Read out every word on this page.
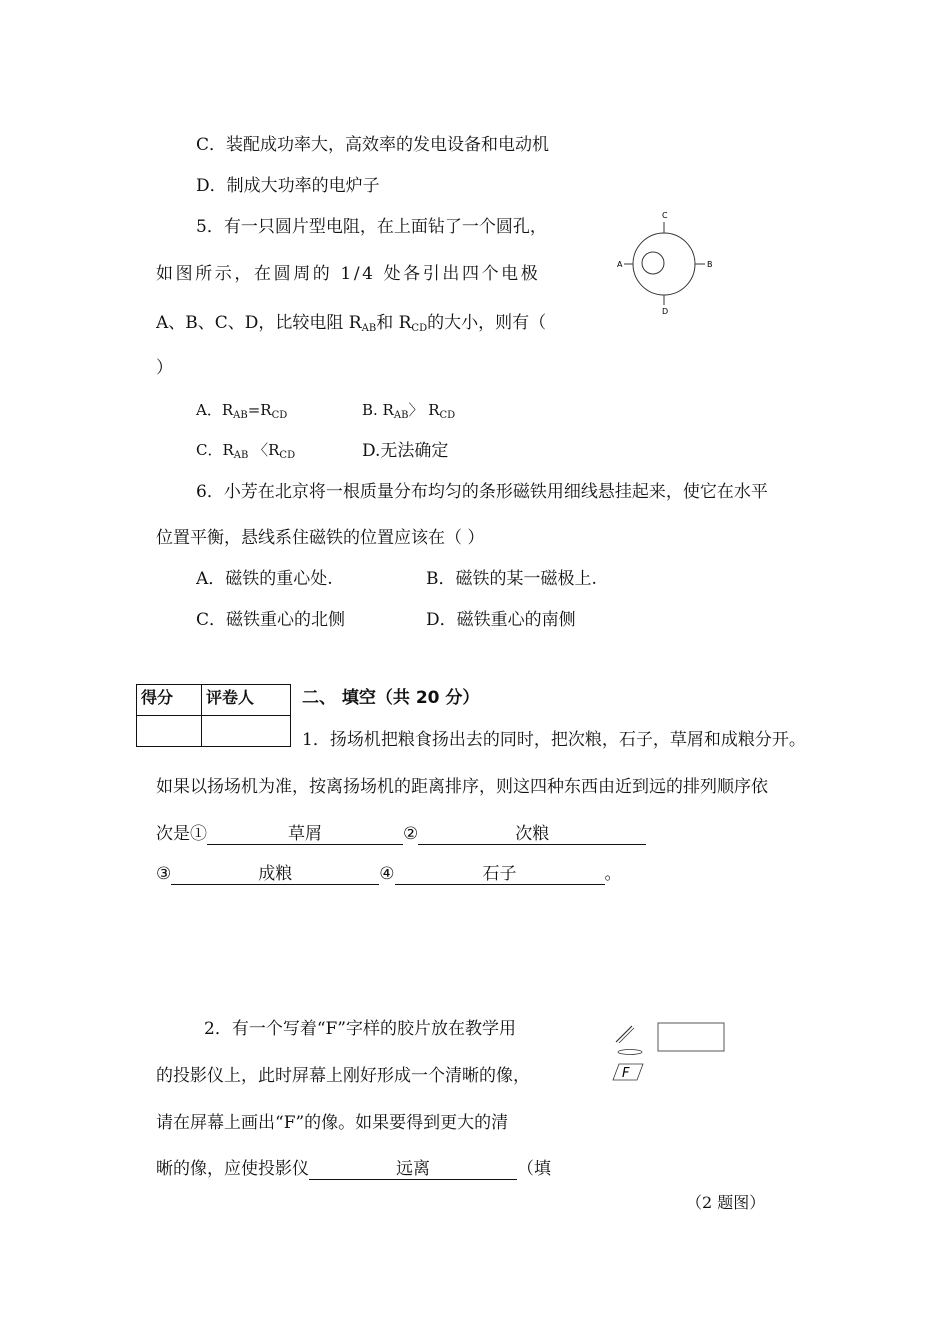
C．装配成功率大，高效率的发电设备和电动机
D．制成大功率的电炉子
5．有一只圆片型电阻，在上面钻了一个圆孔，
如图所示，在圆周的 1/4 处各引出四个电极
A、B、C、D，比较电阻 $R_{AB}$和 $R_{CD}$的大小，则有（
）
A．$R_{AB}=R_{CD}$	B. $R_{AB}$〉 $R_{CD}$
C．$R_{AB}$ 〈$R_{CD}$	D.无法确定
C
D
A	B
6．小芳在北京将一根质量分布均匀的条形磁铁用细线悬挂起来，使它在水平
位置平衡，悬线系住磁铁的位置应该在（ ）
A．磁铁的重心处.	B．磁铁的某一磁极上.
C．磁铁重心的北侧	D．磁铁重心的南侧
得分	评卷人
		二、 填空（共 20 分）
1．扬场机把粮食扬出去的同时，把次粮，石子，草屑和成粮分开。
如果以扬场机为准，按离扬场机的距离排序，则这四种东西由近到远的排列顺序依
次是①	草屑	②	次粮
③	成粮	④	石子	。
2．有一个写着“F”字样的胶片放在教学用
的投影仪上，此时屏幕上刚好形成一个清晰的像，
请在屏幕上画出“F”的像。如果要得到更大的清
晰的像，应使投影仪	远离	（填
（2 题图）
F
